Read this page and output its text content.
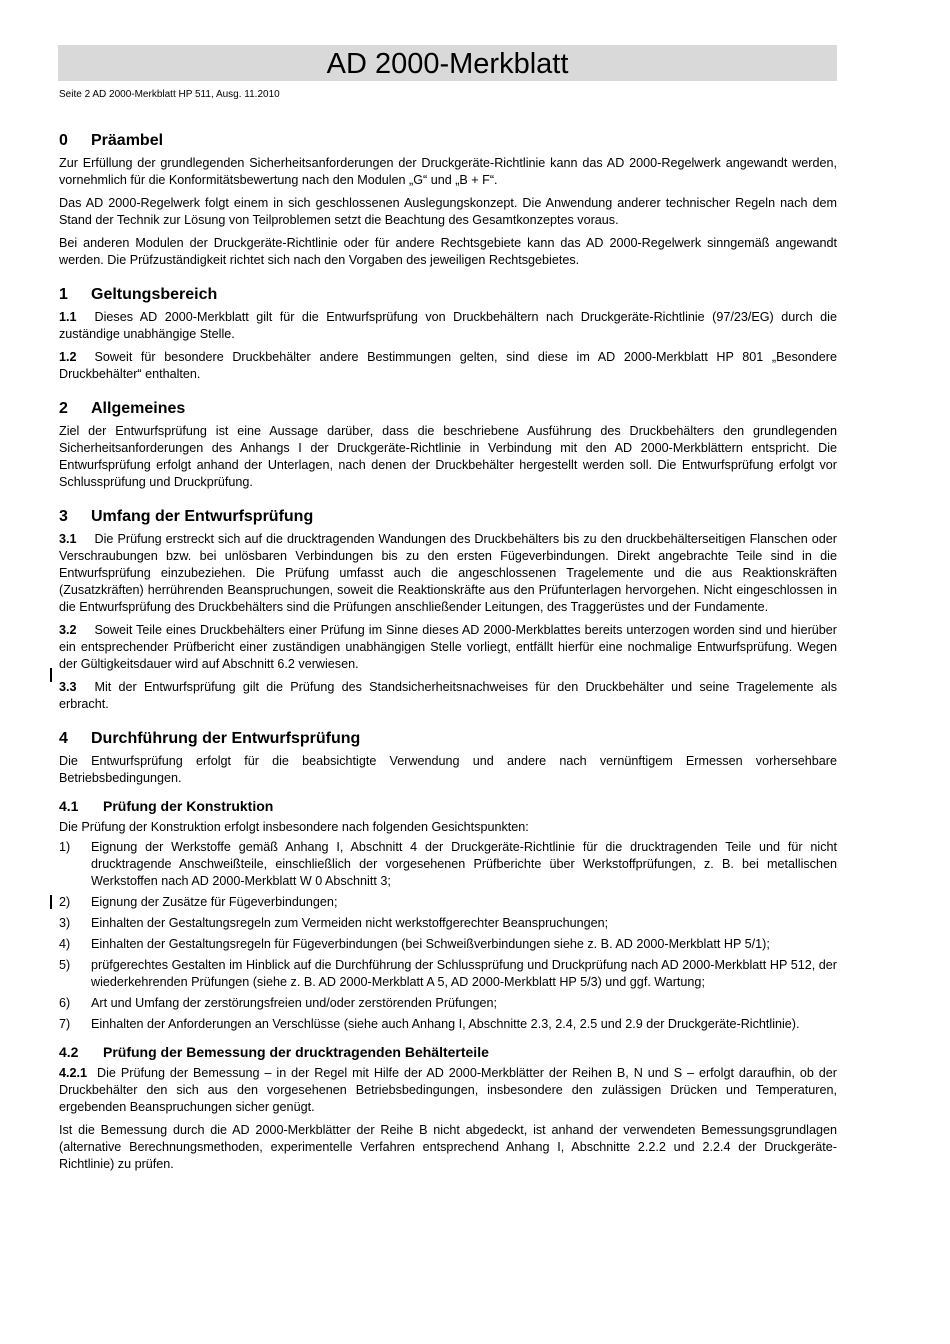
AD 2000-Merkblatt
Seite 2 AD 2000-Merkblatt HP 511, Ausg. 11.2010
0 Präambel

Zur Erfüllung der grundlegenden Sicherheitsanforderungen der Druckgeräte-Richtlinie kann das AD 2000-Regelwerk angewandt werden, vornehmlich für die Konformitätsbewertung nach den Modulen „G“ und „B + F“.

Das AD 2000-Regelwerk folgt einem in sich geschlossenen Auslegungskonzept. Die Anwendung anderer technischer Regeln nach dem Stand der Technik zur Lösung von Teilproblemen setzt die Beachtung des Gesamtkonzeptes voraus.

Bei anderen Modulen der Druckgeräte-Richtlinie oder für andere Rechtsgebiete kann das AD 2000-Regelwerk sinngemäß angewandt werden. Die Prüfzuständigkeit richtet sich nach den Vorgaben des jeweiligen Rechtsgebietes.

1 Geltungsbereich

1.1 Dieses AD 2000-Merkblatt gilt für die Entwurfsprüfung von Druckbehältern nach Druckgeräte-Richtlinie (97/23/EG) durch die zuständige unabhängige Stelle.

1.2 Soweit für besondere Druckbehälter andere Bestimmungen gelten, sind diese im AD 2000-Merkblatt HP 801 „Besondere Druckbehälter“ enthalten.

2 Allgemeines

Ziel der Entwurfsprüfung ist eine Aussage darüber, dass die beschriebene Ausführung des Druckbehälters den grundlegenden Sicherheitsanforderungen des Anhangs I der Druckgeräte-Richtlinie in Verbindung mit den AD 2000-Merkblättern entspricht. Die Entwurfsprüfung erfolgt anhand der Unterlagen, nach denen der Druckbehälter hergestellt werden soll. Die Entwurfsprüfung erfolgt vor Schlussprüfung und Druckprüfung.

3 Umfang der Entwurfsprüfung

3.1 Die Prüfung erstreckt sich auf die drucktragenden Wandungen des Druckbehälters bis zu den druckbehälterseitigen Flanschen oder Verschraubungen bzw. bei unlösbaren Verbindungen bis zu den ersten Fügeverbindungen. Direkt angebrachte Teile sind in die Entwurfsprüfung einzubeziehen. Die Prüfung umfasst auch die angeschlossenen Tragelemente und die aus Reaktionskräften (Zusatzkräften) herrührenden Beanspruchungen, soweit die Reaktionskräfte aus den Prüfunterlagen hervorgehen. Nicht eingeschlossen in die Entwurfsprüfung des Druckbehälters sind die Prüfungen anschließender Leitungen, des Traggerüstes und der Fundamente.

3.2 Soweit Teile eines Druckbehälters einer Prüfung im Sinne dieses AD 2000-Merkblattes bereits unterzogen worden sind und hierüber ein entsprechender Prüfbericht einer zuständigen unabhängigen Stelle vorliegt, entfällt hierfür eine nochmalige Entwurfsprüfung. Wegen der Gültigkeitsdauer wird auf Abschnitt 6.2 verwiesen.

3.3 Mit der Entwurfsprüfung gilt die Prüfung des Standsicherheitsnachweises für den Druckbehälter und seine Tragelemente als erbracht.

4 Durchführung der Entwurfsprüfung

Die Entwurfsprüfung erfolgt für die beabsichtigte Verwendung und andere nach vernünftigem Ermessen vorhersehbare Betriebsbedingungen.

4.1 Prüfung der Konstruktion

Die Prüfung der Konstruktion erfolgt insbesondere nach folgenden Gesichtspunkten:

1) Eignung der Werkstoffe gemäß Anhang I, Abschnitt 4 der Druckgeräte-Richtlinie für die drucktragenden Teile und für nicht drucktragende Anschweißteile, einschließlich der vorgesehenen Prüfberichte über Werkstoffprüfungen, z. B. bei metallischen Werkstoffen nach AD 2000-Merkblatt W 0 Abschnitt 3;
2) Eignung der Zusätze für Fügeverbindungen;
3) Einhalten der Gestaltungsregeln zum Vermeiden nicht werkstoffgerechter Beanspruchungen;
4) Einhalten der Gestaltungsregeln für Fügeverbindungen (bei Schweißverbindungen siehe z. B. AD 2000-Merkblatt HP 5/1);
5) prüfgerechtes Gestalten im Hinblick auf die Durchführung der Schlussprüfung und Druckprüfung nach AD 2000-Merkblatt HP 512, der wiederkehrenden Prüfungen (siehe z. B. AD 2000-Merkblatt A 5, AD 2000-Merkblatt HP 5/3) und ggf. Wartung;
6) Art und Umfang der zerstörungsfreien und/oder zerstörenden Prüfungen;
7) Einhalten der Anforderungen an Verschlüsse (siehe auch Anhang I, Abschnitte 2.3, 2.4, 2.5 und 2.9 der Druckgeräte-Richtlinie).
4.2 Prüfung der Bemessung der drucktragenden Behälterteile

4.2.1 Die Prüfung der Bemessung – in der Regel mit Hilfe der AD 2000-Merkblätter der Reihen B, N und S – erfolgt daraufhin, ob der Druckbehälter den sich aus den vorgesehenen Betriebsbedingungen, insbesondere den zulässigen Drücken und Temperaturen, ergebenden Beanspruchungen sicher genügt.

Ist die Bemessung durch die AD 2000-Merkblätter der Reihe B nicht abgedeckt, ist anhand der verwendeten Bemessungsgrundlagen (alternative Berechnungsmethoden, experimentelle Verfahren entsprechend Anhang I, Abschnitte 2.2.2 und 2.2.4 der Druckgeräte-Richtlinie) zu prüfen.
